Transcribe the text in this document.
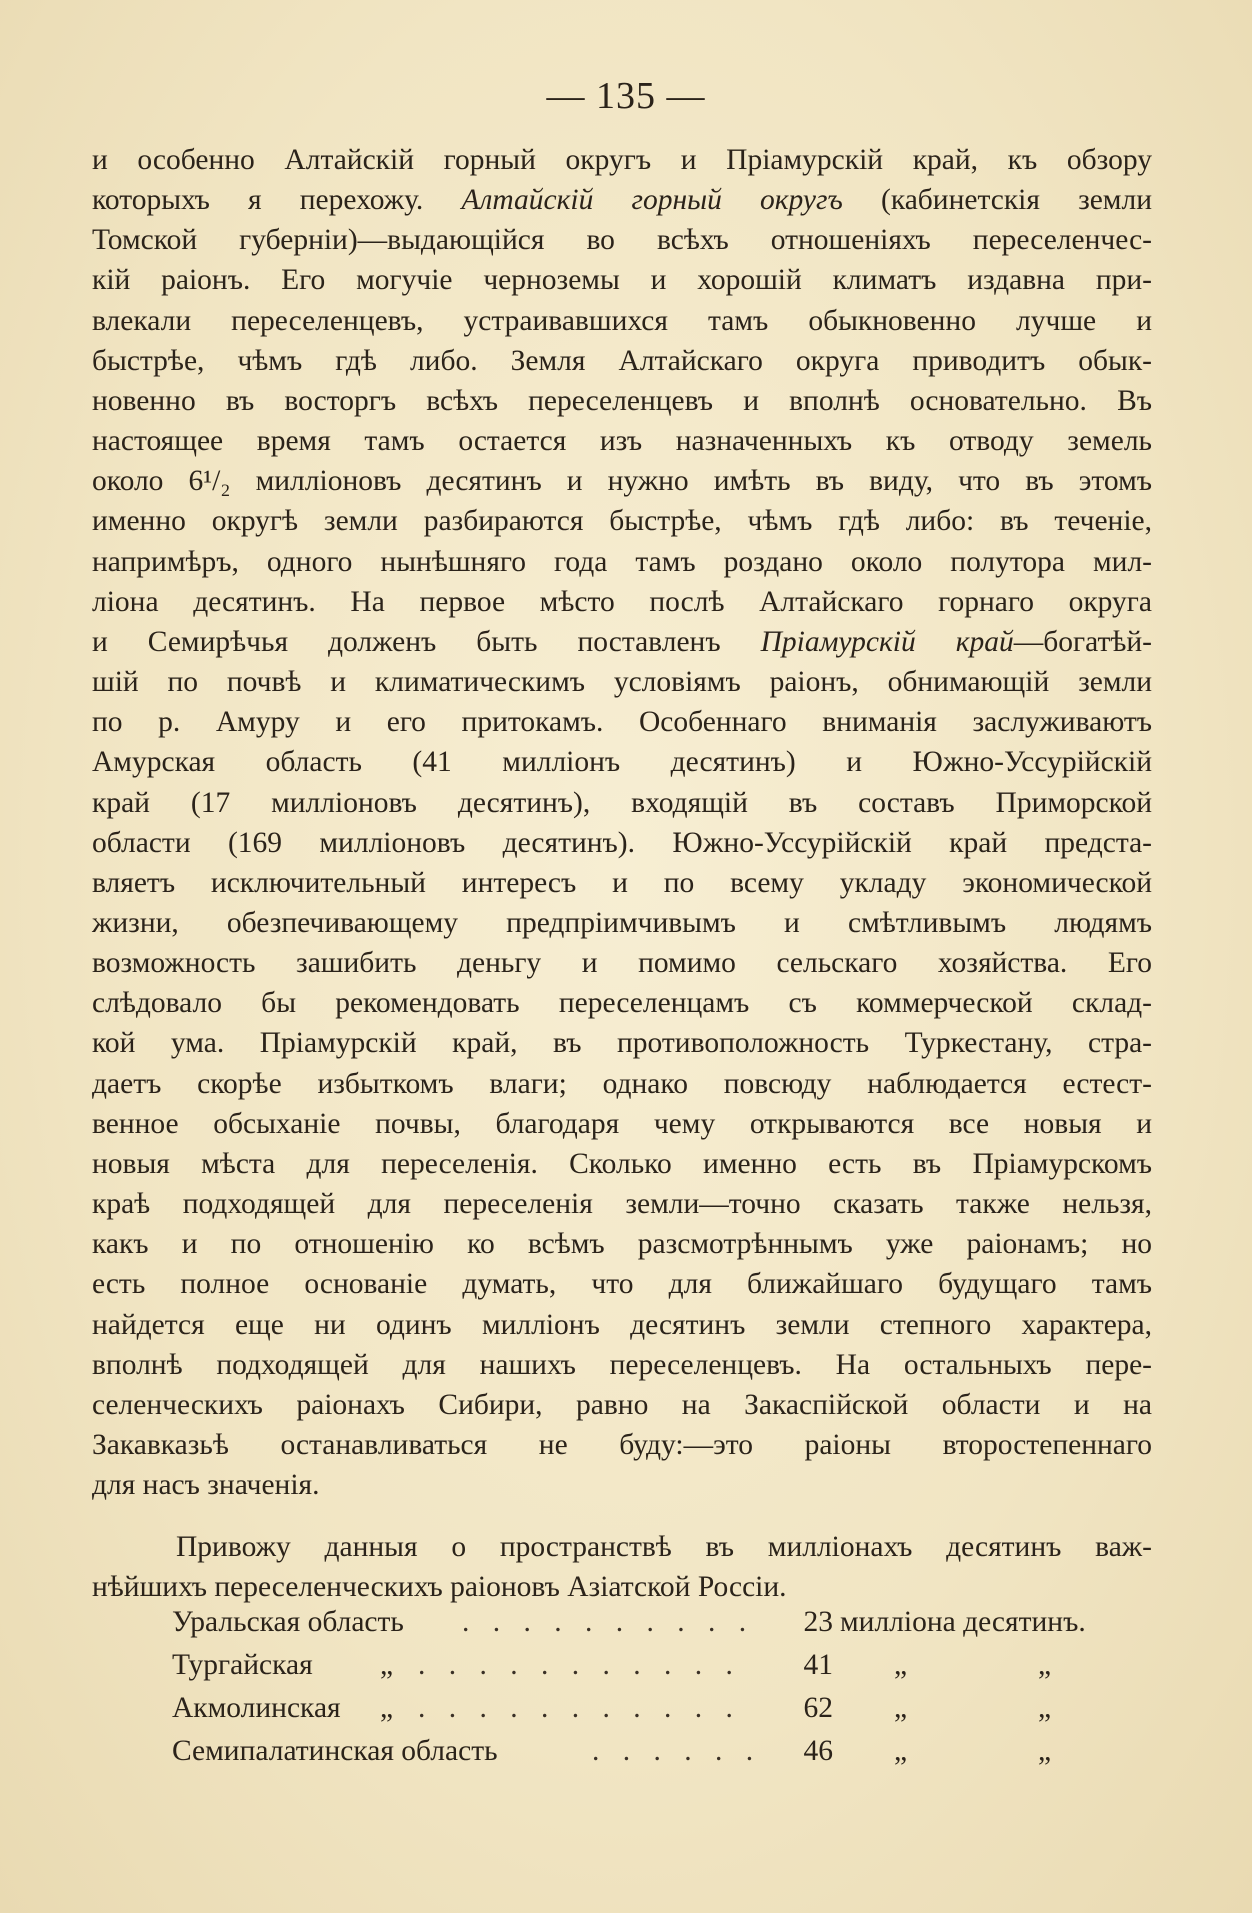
— 135 —
и особенно Алтайскій горный округъ и Пріамурскій край, къ обзору
которыхъ я перехожу. Алтайскій горный округъ (кабинетскія земли
Томской губерніи)—выдающійся во всѣхъ отношеніяхъ переселенчес-
кій раіонъ. Его могучіе черноземы и хорошій климатъ издавна при-
влекали переселенцевъ, устраивавшихся тамъ обыкновенно лучше и
быстрѣе, чѣмъ гдѣ либо. Земля Алтайскаго округа приводитъ обык-
новенно въ восторгъ всѣхъ переселенцевъ и вполнѣ основательно. Въ
настоящее время тамъ остается изъ назначенныхъ къ отводу земель
около 6¹/₂ милліоновъ десятинъ и нужно имѣть въ виду, что въ этомъ
именно округѣ земли разбираются быстрѣе, чѣмъ гдѣ либо: въ теченіе,
напримѣръ, одного нынѣшняго года тамъ роздано около полутора мил-
ліона десятинъ. На первое мѣсто послѣ Алтайскаго горнаго округа
и Семирѣчья долженъ быть поставленъ Пріамурскій край—богатѣй-
шій по почвѣ и климатическимъ условіямъ раіонъ, обнимающій земли
по р. Амуру и его притокамъ. Особеннаго вниманія заслуживаютъ
Амурская область (41 милліонъ десятинъ) и Южно-Уссурійскій
край (17 милліоновъ десятинъ), входящій въ составъ Приморской
области (169 милліоновъ десятинъ). Южно-Уссурійскій край предста-
вляетъ исключительный интересъ и по всему укладу экономической
жизни, обезпечивающему предпріимчивымъ и смѣтливымъ людямъ
возможность зашибить деньгу и помимо сельскаго хозяйства. Его
слѣдовало бы рекомендовать переселенцамъ съ коммерческой склад-
кой ума. Пріамурскій край, въ противоположность Туркестану, стра-
даетъ скорѣе избыткомъ влаги; однако повсюду наблюдается естест-
венное обсыханіе почвы, благодаря чему открываются все новыя и
новыя мѣста для переселенія. Сколько именно есть въ Пріамурскомъ
краѣ подходящей для переселенія земли—точно сказать также нельзя,
какъ и по отношенію ко всѣмъ разсмотрѣннымъ уже раіонамъ; но
есть полное основаніе думать, что для ближайшаго будущаго тамъ
найдется еще ни одинъ милліонъ десятинъ земли степного характера,
вполнѣ подходящей для нашихъ переселенцевъ. На остальныхъ пере-
селенческихъ раіонахъ Сибири, равно на Закаспійской области и на
Закавказьѣ останавливаться не буду:—это раіоны второстепеннаго
для насъ значенія.
Привожу данныя о пространствѣ въ милліонахъ десятинъ важ-
нѣйшихъ переселенческихъ раіоновъ Азіатской Россіи.
Уральская область . . . . . . . . . .	23 милліона десятинъ.
Тургайская „ . . . . . . . . . . .	41 „	„
Акмолинская „ . . . . . . . . . . .	62 „	„
Семипалатинская область	. . . . . .	46 „	„
